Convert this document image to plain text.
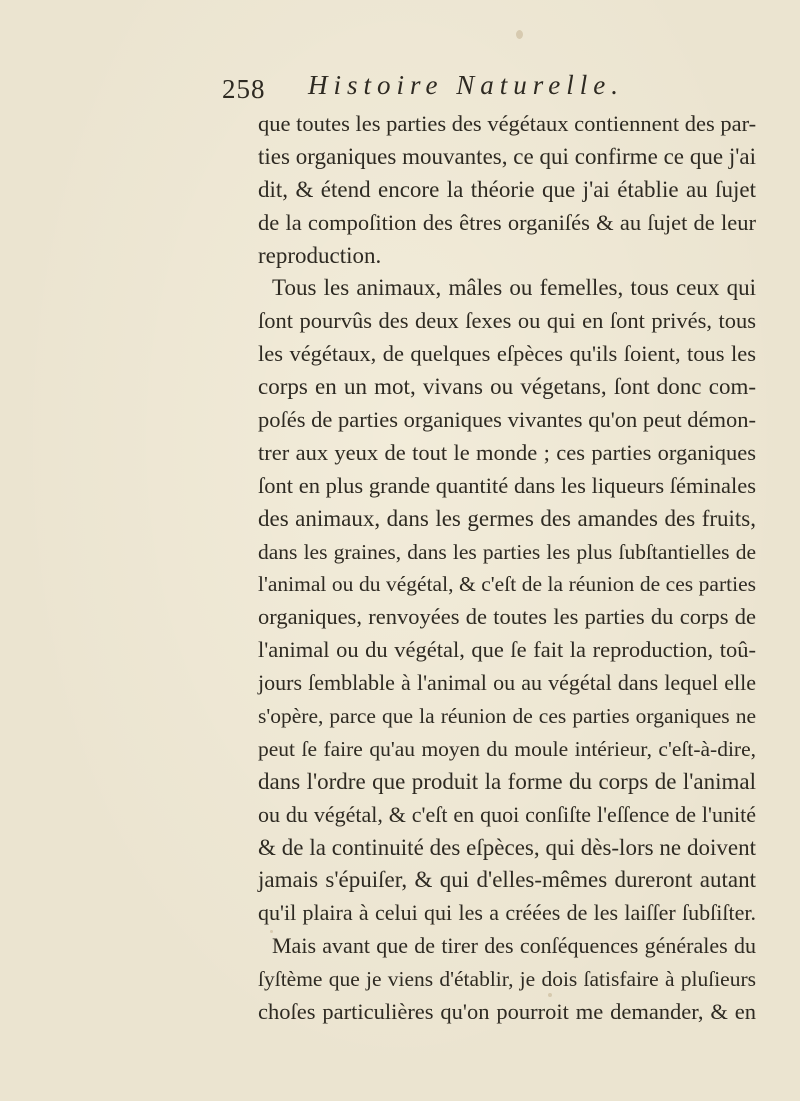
258 Histoire Naturelle.
que toutes les parties des végétaux contiennent des par-
ties organiques mouvantes, ce qui confirme ce que j'ai
dit, & étend encore la théorie que j'ai établie au ſujet
de la compoſition des êtres organiſés & au ſujet de leur
reproduction.
Tous les animaux, mâles ou femelles, tous ceux qui
ſont pourvûs des deux ſexes ou qui en ſont privés, tous
les végétaux, de quelques eſpèces qu'ils ſoient, tous les
corps en un mot, vivans ou végetans, ſont donc com-
poſés de parties organiques vivantes qu'on peut démon-
trer aux yeux de tout le monde ; ces parties organiques
ſont en plus grande quantité dans les liqueurs ſéminales
des animaux, dans les germes des amandes des fruits,
dans les graines, dans les parties les plus ſubſtantielles de
l'animal ou du végétal, & c'eſt de la réunion de ces parties
organiques, renvoyées de toutes les parties du corps de
l'animal ou du végétal, que ſe fait la reproduction, toû-
jours ſemblable à l'animal ou au végétal dans lequel elle
s'opère, parce que la réunion de ces parties organiques ne
peut ſe faire qu'au moyen du moule intérieur, c'eſt-à-dire,
dans l'ordre que produit la forme du corps de l'animal
ou du végétal, & c'eſt en quoi conſiſte l'eſſence de l'unité
& de la continuité des eſpèces, qui dès-lors ne doivent
jamais s'épuiſer, & qui d'elles-mêmes dureront autant
qu'il plaira à celui qui les a créées de les laiſſer ſubſiſter.
Mais avant que de tirer des conſéquences générales du
ſyſtème que je viens d'établir, je dois ſatisfaire à pluſieurs
choſes particulières qu'on pourroit me demander, & en
